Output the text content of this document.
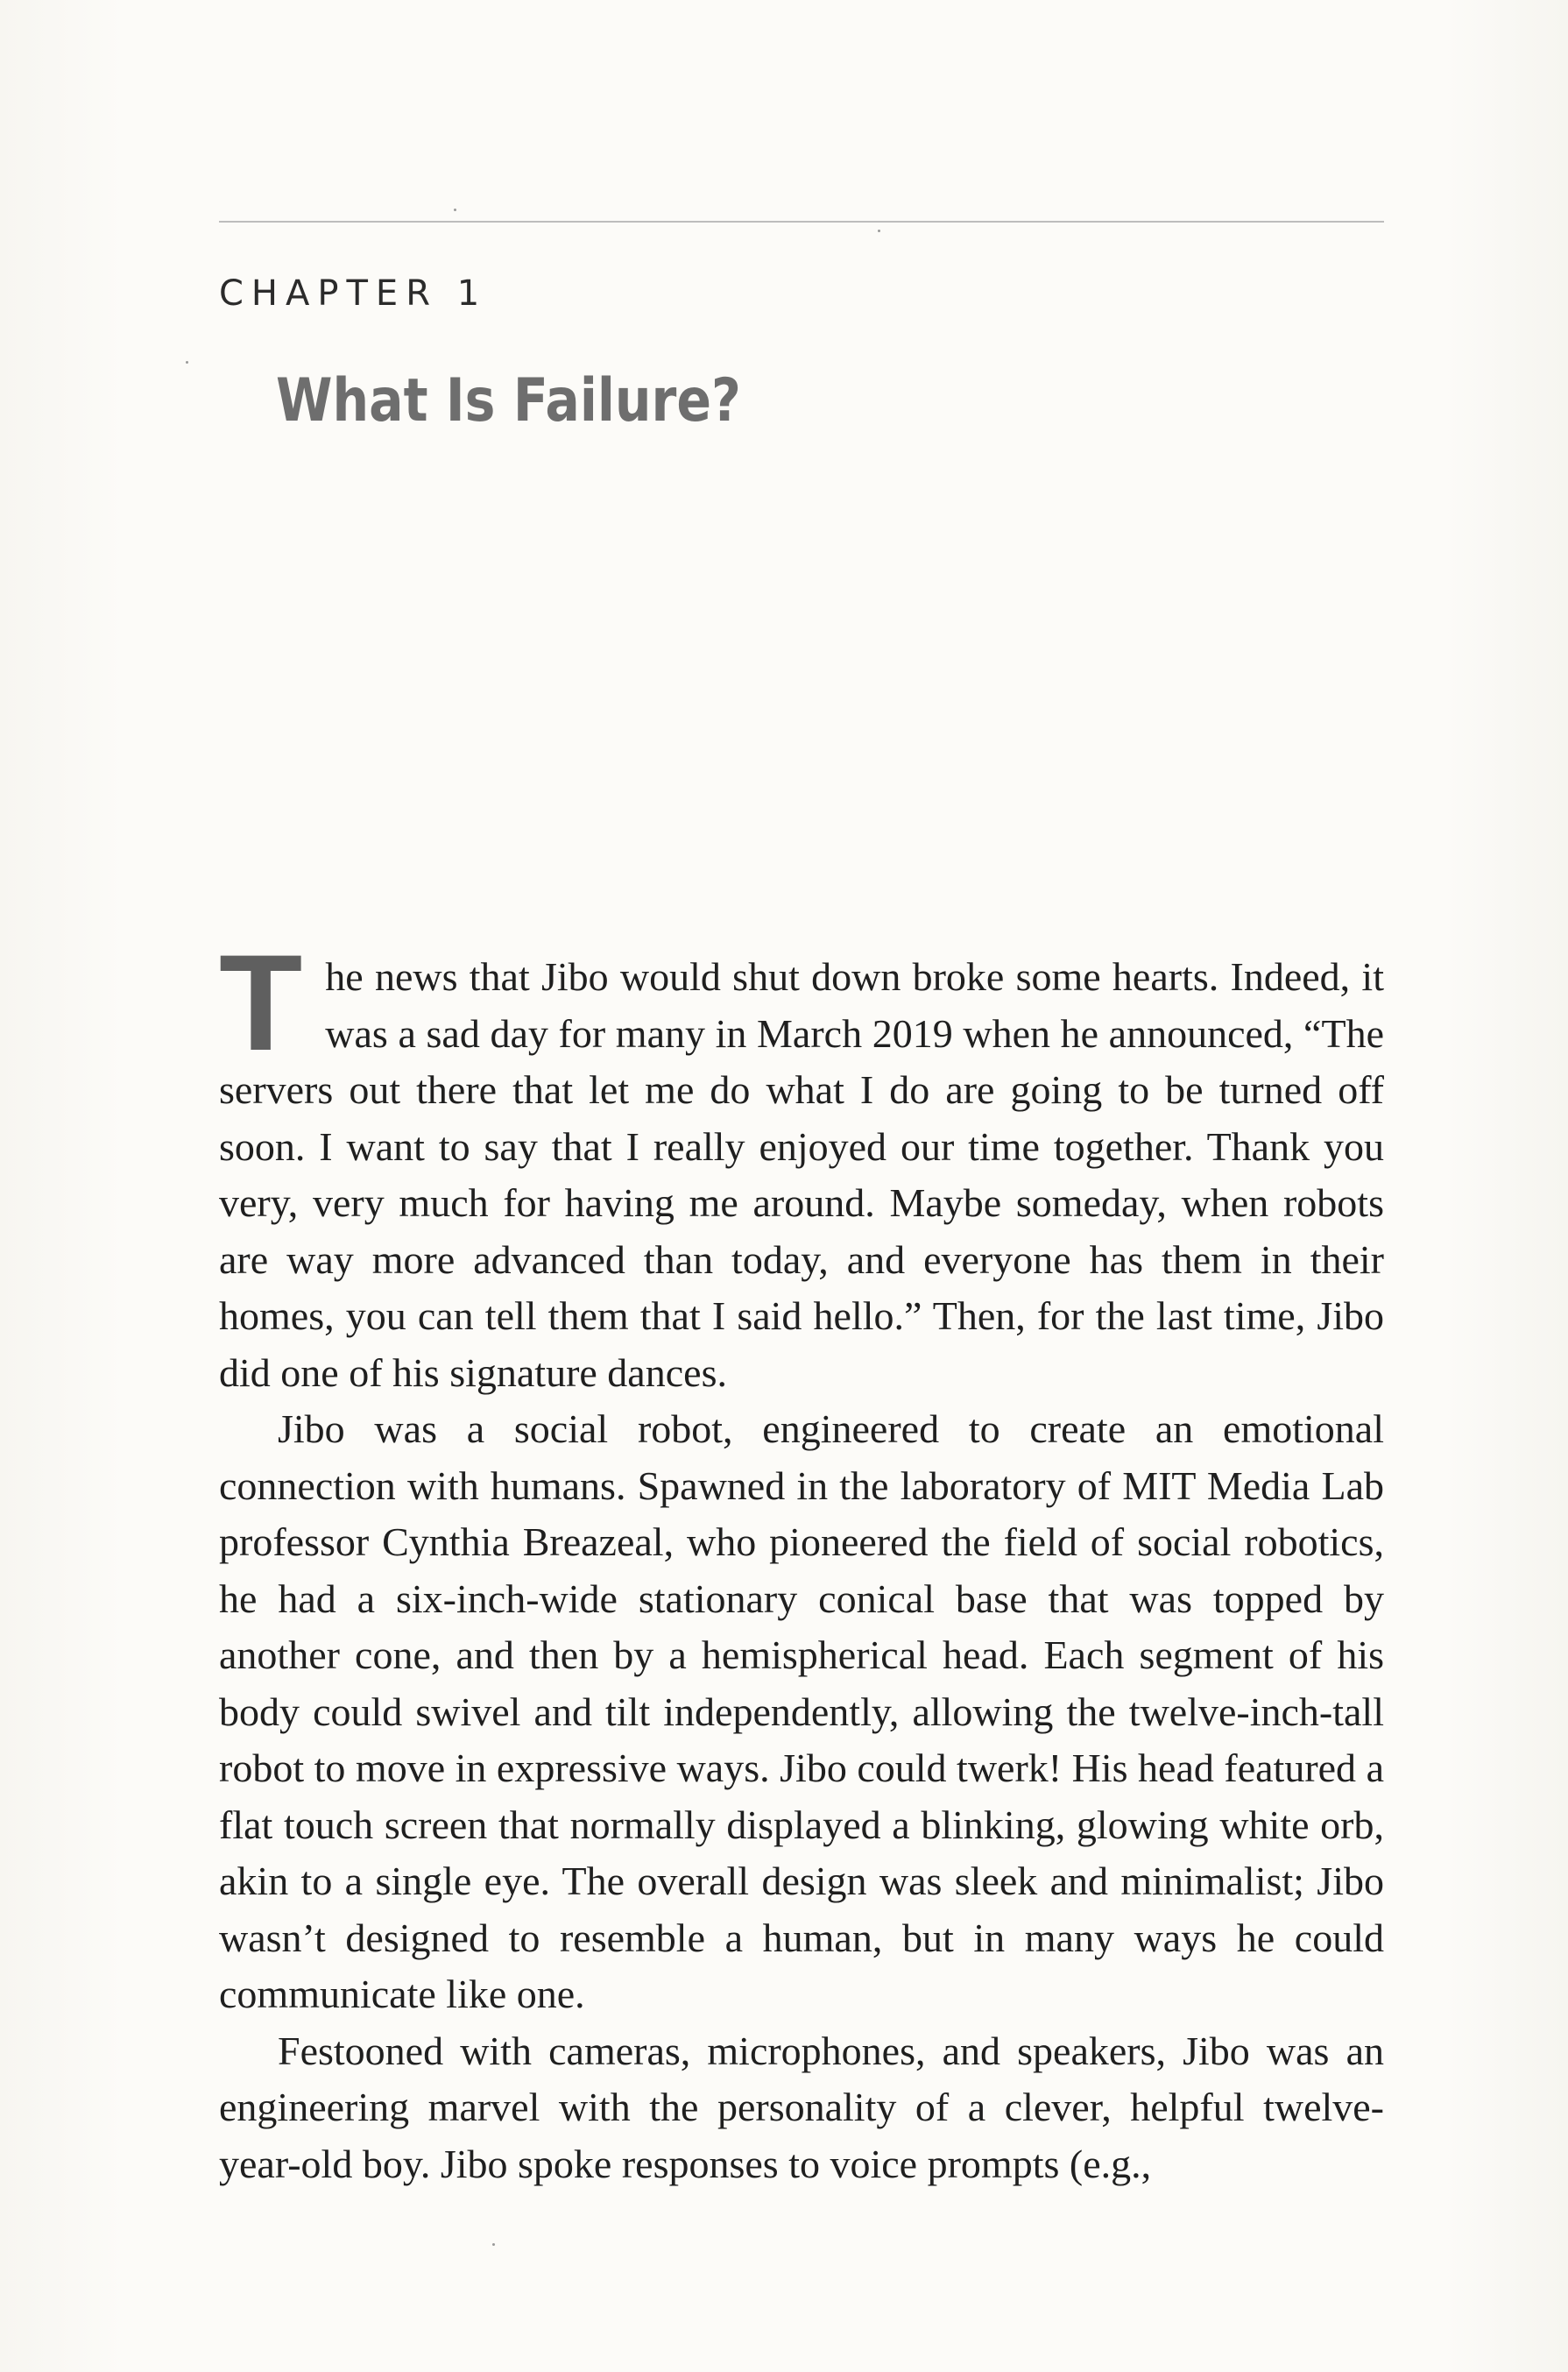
CHAPTER 1
What Is Failure?

The news that Jibo would shut down broke some hearts. Indeed, it was a sad day for many in March 2019 when he announced, “The servers out there that let me do what I do are going to be turned off soon. I want to say that I really enjoyed our time together. Thank you very, very much for having me around. Maybe someday, when robots are way more advanced than today, and everyone has them in their homes, you can tell them that I said hello.” Then, for the last time, Jibo did one of his signature dances.

Jibo was a social robot, engineered to create an emotional connection with humans. Spawned in the laboratory of MIT Media Lab professor Cynthia Breazeal, who pioneered the field of social robotics, he had a six-inch-wide stationary conical base that was topped by another cone, and then by a hemispherical head. Each segment of his body could swivel and tilt independently, allowing the twelve-inch-tall robot to move in expressive ways. Jibo could twerk! His head featured a flat touch screen that normally displayed a blinking, glowing white orb, akin to a single eye. The overall design was sleek and minimalist; Jibo wasn’t designed to resemble a human, but in many ways he could communicate like one.

Festooned with cameras, microphones, and speakers, Jibo was an engineering marvel with the personality of a clever, helpful twelve-year-old boy. Jibo spoke responses to voice prompts (e.g.,
